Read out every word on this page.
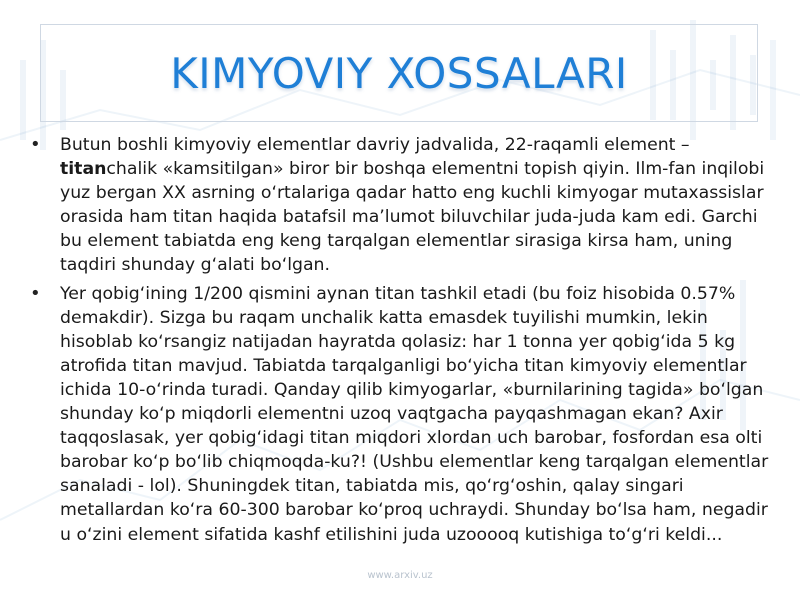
KIMYOVIY XOSSALARI
•	Butun boshli kimyoviy elementlar davriy jadvalida, 22-raqamli element – titanchalik «kamsitilgan» biror bir boshqa elementni topish qiyin. Ilm-fan inqilobi yuz bergan XX asrning o‘rtalariga qadar hatto eng kuchli kimyogar mutaxassislar orasida ham titan haqida batafsil ma’lumot biluvchilar juda-juda kam edi. Garchi bu element tabiatda eng keng tarqalgan elementlar sirasiga kirsa ham, uning taqdiri shunday g‘alati bo‘lgan.
•	Yer qobig‘ining 1/200 qismini aynan titan tashkil etadi (bu foiz hisobida 0.57% demakdir). Sizga bu raqam unchalik katta emasdek tuyilishi mumkin, lekin hisoblab ko‘rsangiz natijadan hayratda qolasiz: har 1 tonna yer qobig‘ida 5 kg atrofida titan mavjud. Tabiatda tarqalganligi bo‘yicha titan kimyoviy elementlar ichida 10-o‘rinda turadi. Qanday qilib kimyogarlar, «burnilarining tagida» bo‘lgan shunday ko‘p miqdorli elementni uzoq vaqtgacha payqashmagan ekan? Axir taqqoslasak, yer qobig‘idagi titan miqdori xlordan uch barobar, fosfordan esa olti barobar ko‘p bo‘lib chiqmoqda-ku?! (Ushbu elementlar keng tarqalgan elementlar sanaladi - lol). Shuningdek titan, tabiatda mis, qo‘rg‘oshin, qalay singari metallardan ko‘ra 60-300 barobar ko‘proq uchraydi. Shunday bo‘lsa ham, negadir u o‘zini element sifatida kashf etilishini juda uzooooq kutishiga to‘g‘ri keldi...
www.arxiv.uz
